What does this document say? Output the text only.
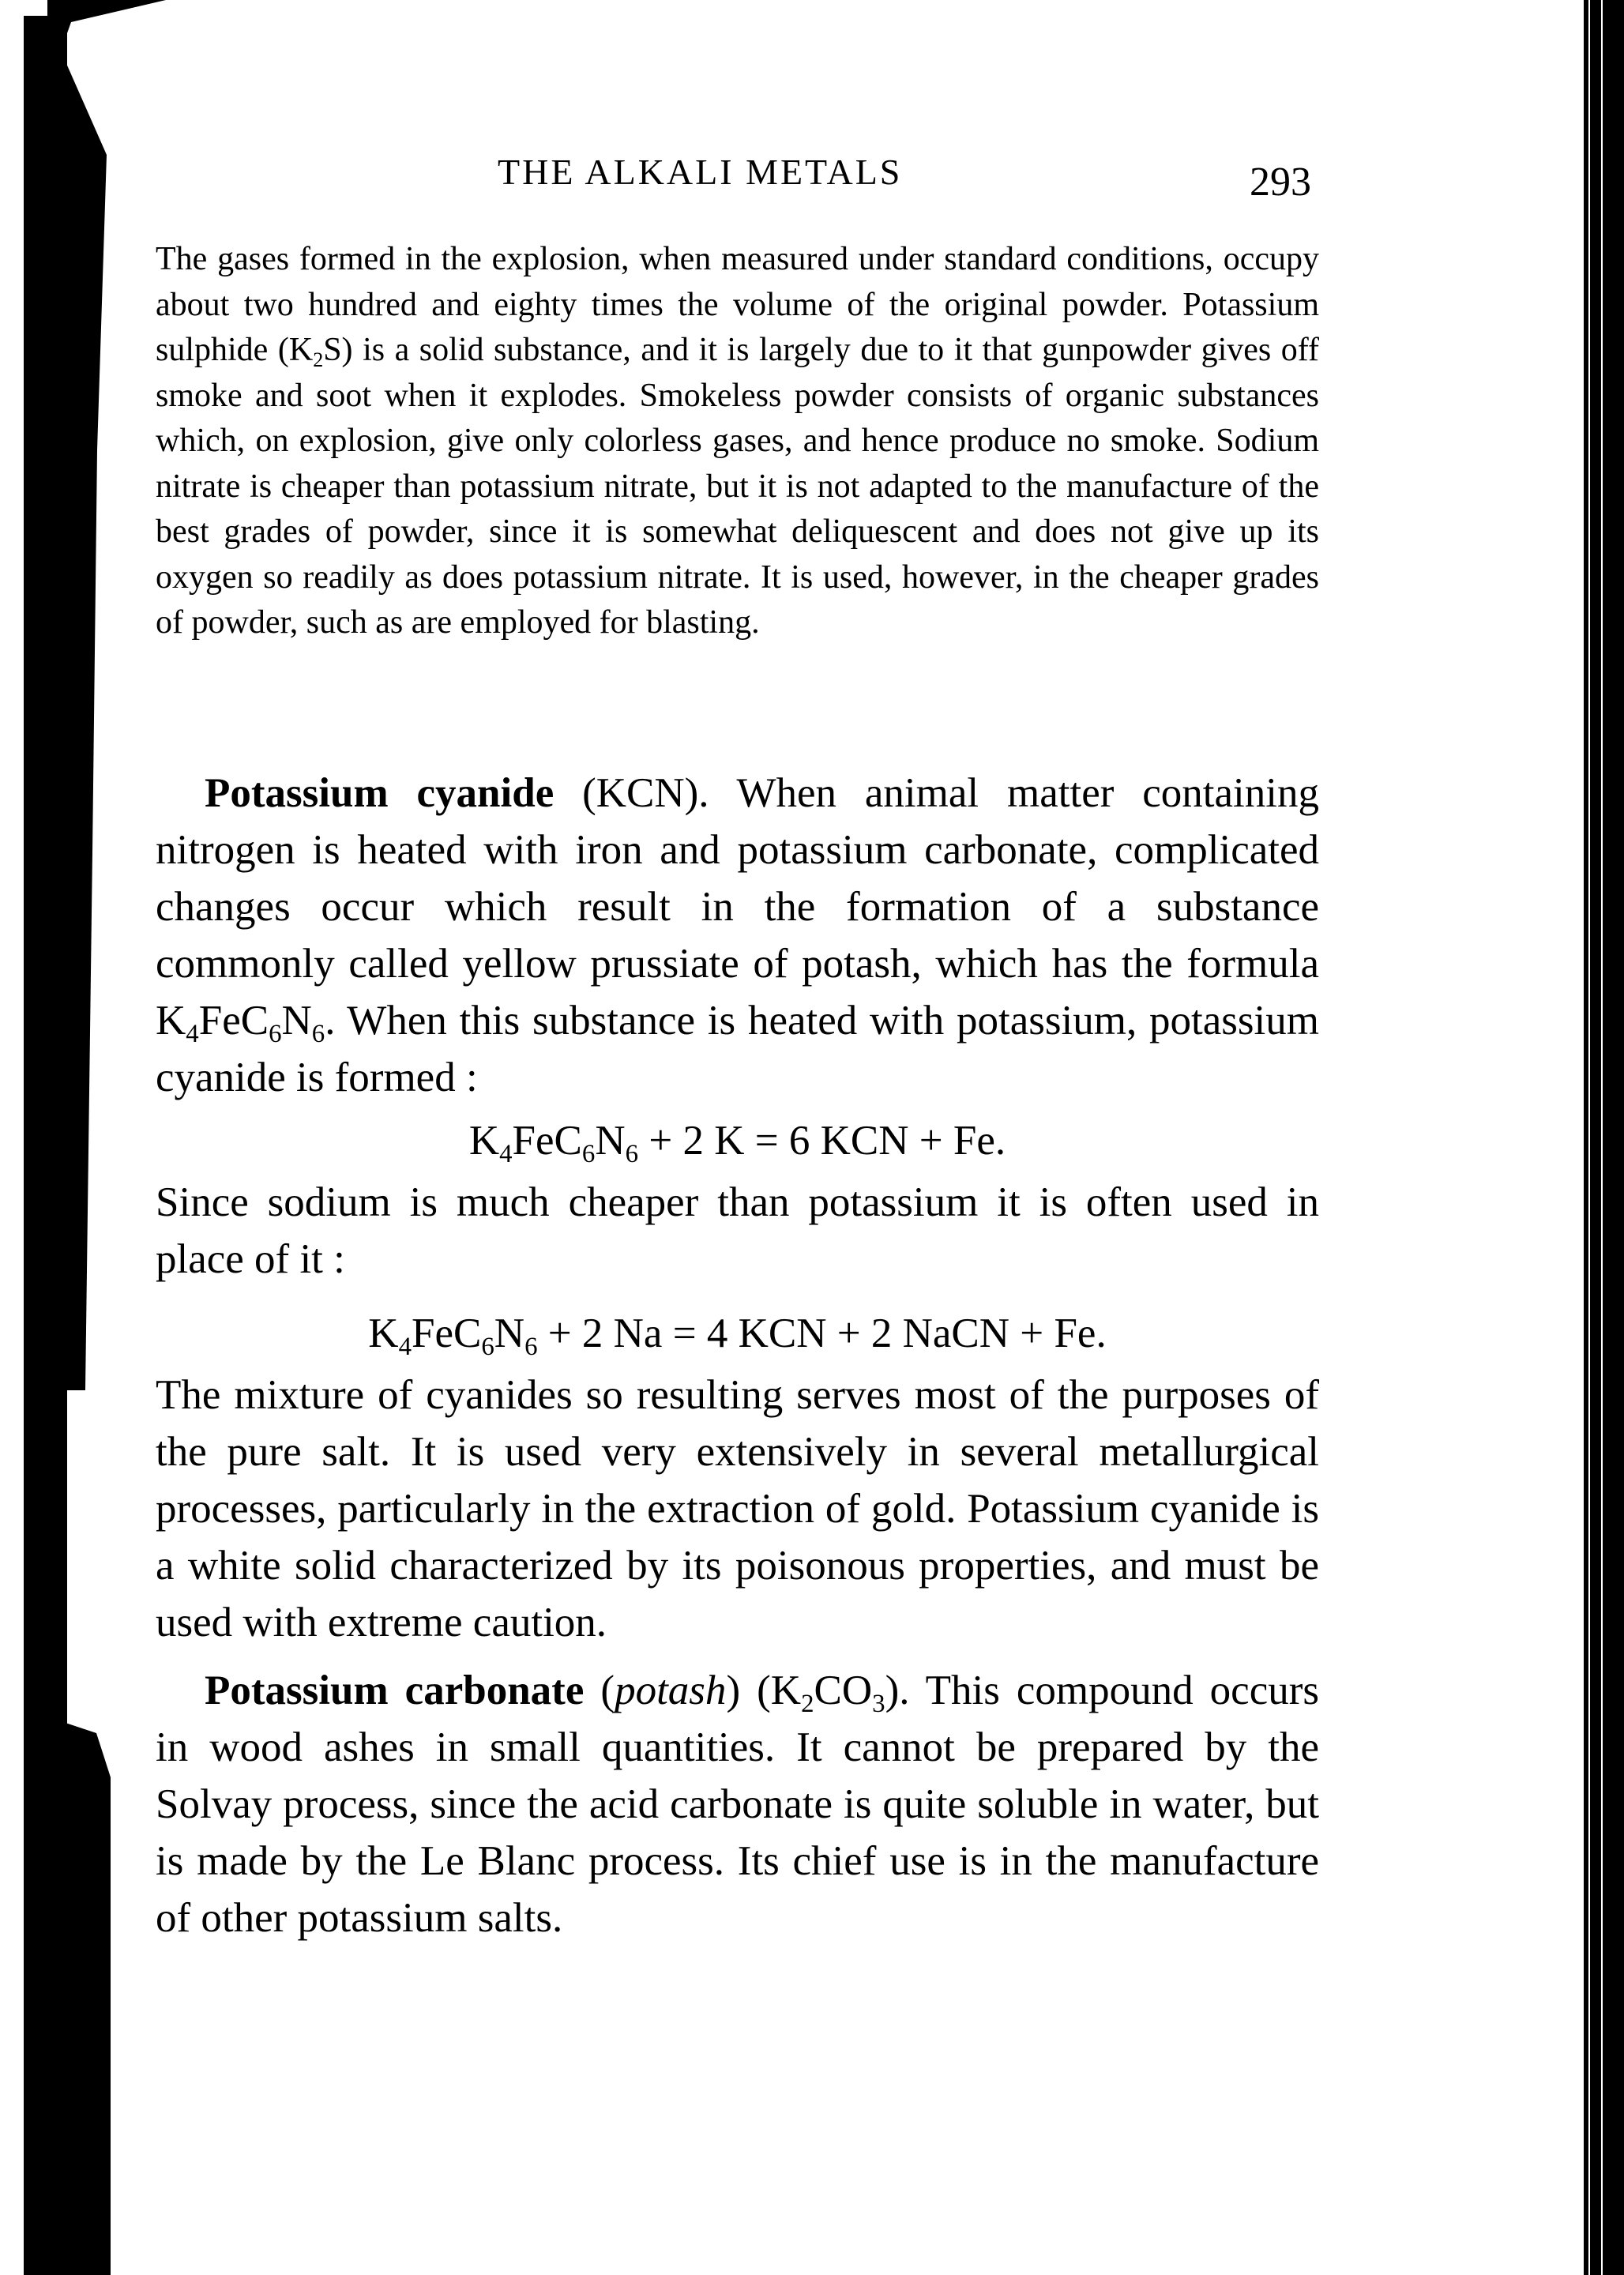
THE ALKALI METALS	293

The gases formed in the explosion, when measured under standard conditions, occupy about two hundred and eighty times the volume of the original powder. Potassium sulphide $(K_2S)$ is a solid substance, and it is largely due to it that gunpowder gives off smoke and soot when it explodes. Smokeless powder consists of organic substances which, on explosion, give only colorless gases, and hence produce no smoke. Sodium nitrate is cheaper than potassium nitrate, but it is not adapted to the manufacture of the best grades of powder, since it is somewhat deliquescent and does not give up its oxygen so readily as does potassium nitrate. It is used, however, in the cheaper grades of powder, such as are employed for blasting.

Potassium cyanide (KCN). When animal matter containing nitrogen is heated with iron and potassium carbonate, complicated changes occur which result in the formation of a substance commonly called yellow prussiate of potash, which has the formula $K_4FeC_6N_6$. When this substance is heated with potassium, potassium cyanide is formed :

$K_4FeC_6N_6 + 2$ K = 6 KCN + Fe.

Since sodium is much cheaper than potassium it is often used in place of it :

$K_4FeC_6N_6 + 2$ Na = 4 KCN + 2 NaCN + Fe.

The mixture of cyanides so resulting serves most of the purposes of the pure salt. It is used very extensively in several metallurgical processes, particularly in the extraction of gold. Potassium cyanide is a white solid characterized by its poisonous properties, and must be used with extreme caution.

Potassium carbonate (potash) $(K_2CO_3)$. This compound occurs in wood ashes in small quantities. It cannot be prepared by the Solvay process, since the acid carbonate is quite soluble in water, but is made by the Le Blanc process. Its chief use is in the manufacture of other potassium salts.
